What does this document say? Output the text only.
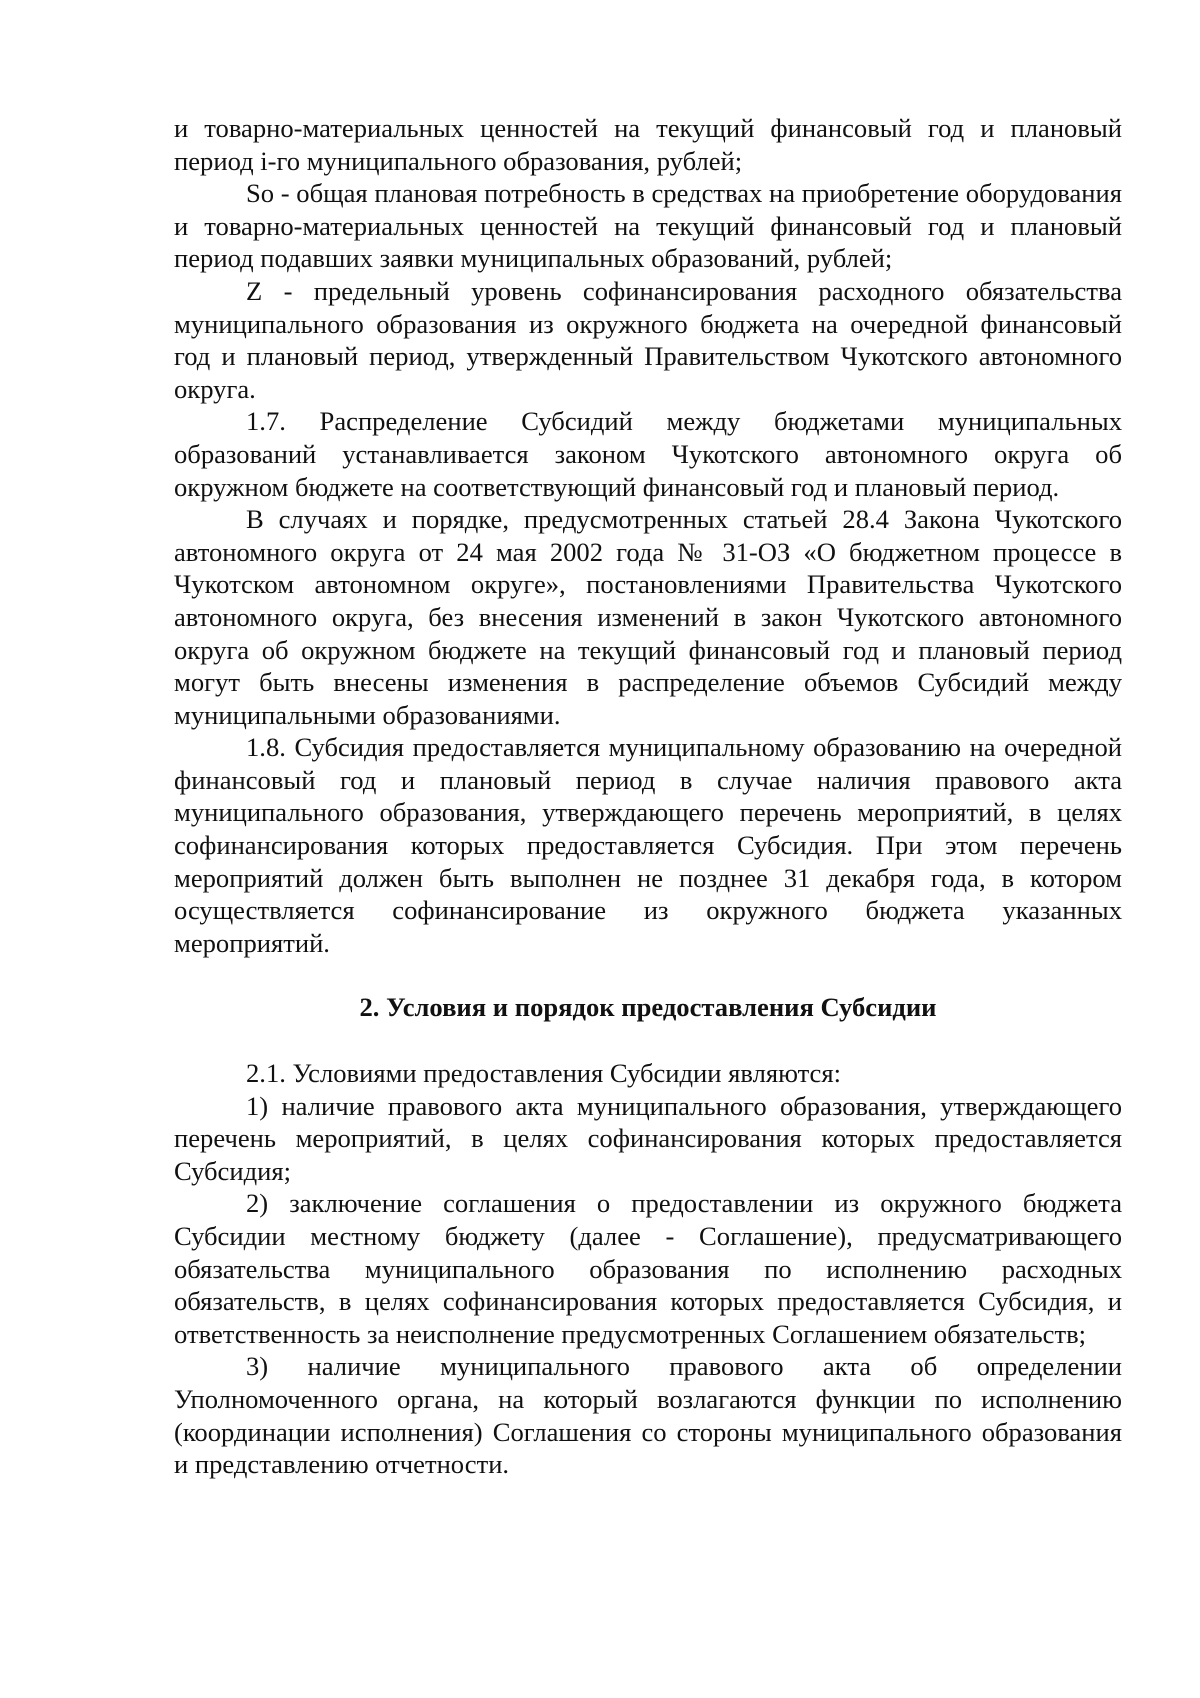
и товарно-материальных ценностей на текущий финансовый год и плановый период i-го муниципального образования, рублей;

So - общая плановая потребность в средствах на приобретение оборудования и товарно-материальных ценностей на текущий финансовый год и плановый период подавших заявки муниципальных образований, рублей;

Z - предельный уровень софинансирования расходного обязательства муниципального образования из окружного бюджета на очередной финансовый год и плановый период, утвержденный Правительством Чукотского автономного округа.

1.7. Распределение Субсидий между бюджетами муниципальных образований устанавливается законом Чукотского автономного округа об окружном бюджете на соответствующий финансовый год и плановый период.

В случаях и порядке, предусмотренных статьей 28.4 Закона Чукотского автономного округа от 24 мая 2002 года № 31-ОЗ «О бюджетном процессе в Чукотском автономном округе», постановлениями Правительства Чукотского автономного округа, без внесения изменений в закон Чукотского автономного округа об окружном бюджете на текущий финансовый год и плановый период могут быть внесены изменения в распределение объемов Субсидий между муниципальными образованиями.

1.8. Субсидия предоставляется муниципальному образованию на очередной финансовый год и плановый период в случае наличия правового акта муниципального образования, утверждающего перечень мероприятий, в целях софинансирования которых предоставляется Субсидия. При этом перечень мероприятий должен быть выполнен не позднее 31 декабря года, в котором осуществляется софинансирование из окружного бюджета указанных мероприятий.

2. Условия и порядок предоставления Субсидии

2.1. Условиями предоставления Субсидии являются:

1) наличие правового акта муниципального образования, утверждающего перечень мероприятий, в целях софинансирования которых предоставляется Субсидия;

2) заключение соглашения о предоставлении из окружного бюджета Субсидии местному бюджету (далее - Соглашение), предусматривающего обязательства муниципального образования по исполнению расходных обязательств, в целях софинансирования которых предоставляется Субсидия, и ответственность за неисполнение предусмотренных Соглашением обязательств;

3) наличие муниципального правового акта об определении Уполномоченного органа, на который возлагаются функции по исполнению (координации исполнения) Соглашения со стороны муниципального образования и представлению отчетности.
